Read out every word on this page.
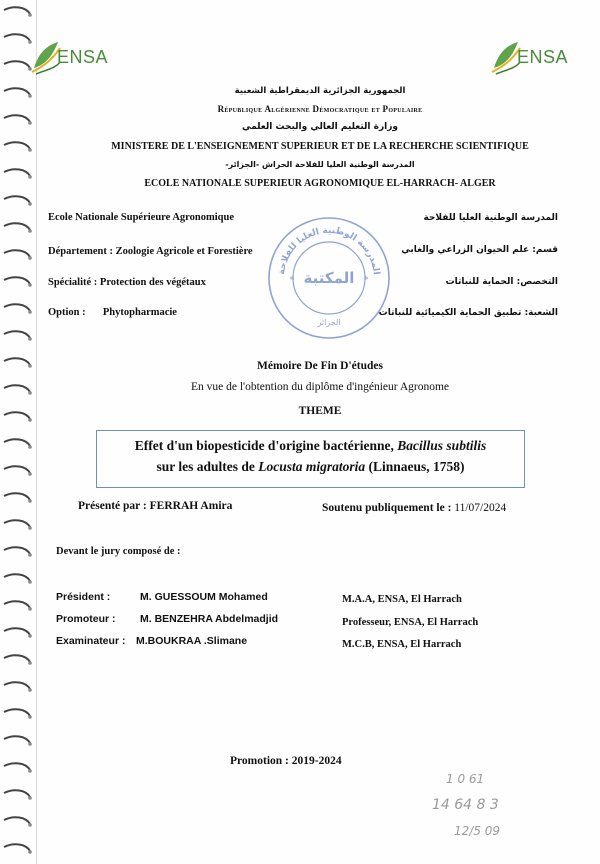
ENSA	ENSA
الجمهورية الجزائرية الديمقراطية الشعبية
République Algérienne Démocratique et Populaire
وزارة التعليم العالي والبحث العلمي
MINISTERE DE L'ENSEIGNEMENT SUPERIEUR ET DE LA RECHERCHE SCIENTIFIQUE
المدرسة الوطنية العليا للفلاحة الحراش -الجزائر-
ECOLE NATIONALE SUPERIEUR AGRONOMIQUE EL-HARRACH- ALGER
Ecole Nationale Supérieure Agronomique	المدرسة الوطنية العليا للفلاحة
Département : Zoologie Agricole et Forestière	قسم: علم الحيوان الزراعي والغابي
Spécialité : Protection des végétaux	التخصص: الحماية للنباتات
Option : Phytopharmacie	الشعبة: تطبيق الحماية الكيميائية للنباتات
المدرسة الوطنية العليا للفلاحة
المكتبة
الجزائر
*	*
Mémoire De Fin D'études
En vue de l'obtention du diplôme d'ingénieur Agronome
THEME
Effet d'un biopesticide d'origine bactérienne, Bacillus subtilis
sur les adultes de Locusta migratoria (Linnaeus, 1758)
Présenté par : FERRAH Amira	Soutenu publiquement le : 11/07/2024
Devant le jury composé de :
Président :	M. GUESSOUM Mohamed	M.A.A, ENSA, El Harrach
Promoteur : M. BENZEHRA Abdelmadjid	Professeur, ENSA, El Harrach
Examinateur : M.BOUKRAA .Slimane	M.C.B, ENSA, El Harrach
Promotion : 2019-2024
1 0 61
14 64 8 3
12/5 09
